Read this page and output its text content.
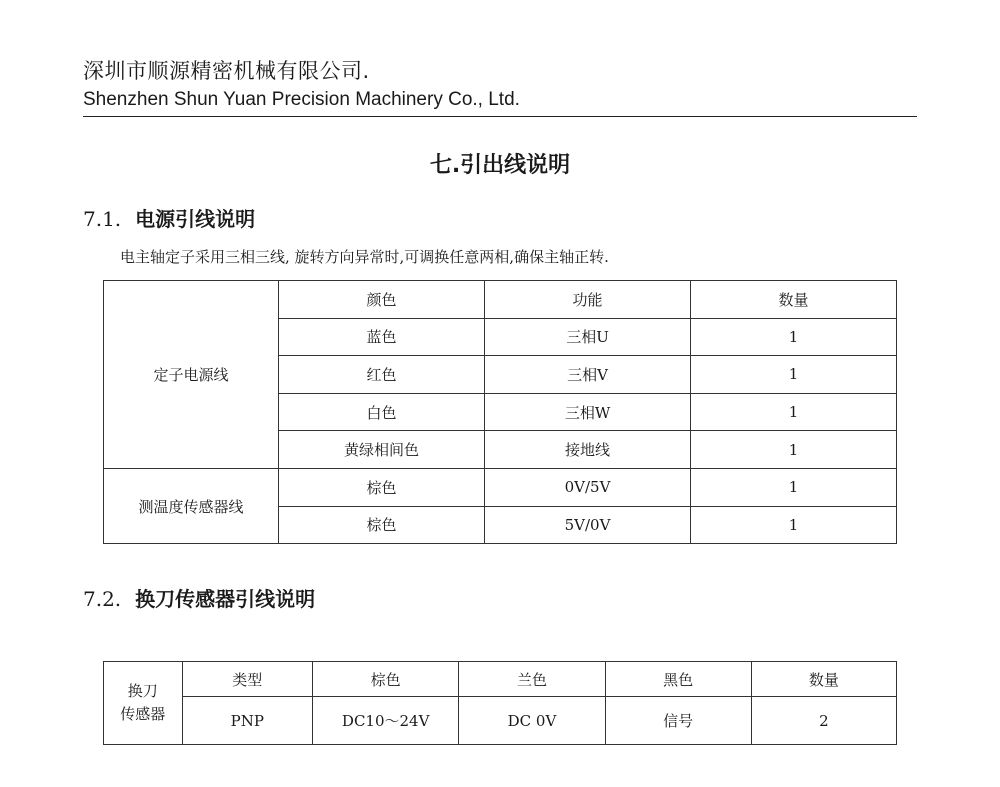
深圳市顺源精密机械有限公司.
Shenzhen Shun Yuan Precision Machinery Co., Ltd.
七.引出线说明
7.1. 电源引线说明
电主轴定子采用三相三线, 旋转方向异常时,可调换任意两相,确保主轴正转.
定子电源线	颜色	功能	数量
	蓝色	三相U	1
	红色	三相V	1
	白色	三相W	1
	黄绿相间色	接地线	1
测温度传感器线	棕色	0V/5V	1
	棕色	5V/0V	1
7.2. 换刀传感器引线说明
换刀
传感器	类型	棕色	兰色	黑色	数量
	PNP	DC10～24V	DC 0V	信号	2
